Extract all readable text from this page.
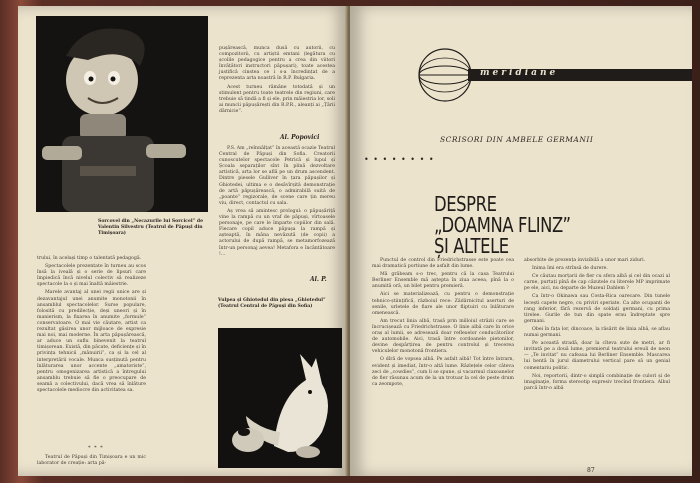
Sorcovel din „Necazurile lui Sorcicel” de Valentin Silvestru (Teatrul de Păpuși din Timișoara)

trului, în același timp o talentată pedagogă.

Spectacolele prezentate în turneu au scos însă la iveală și o serie de lipsuri care împiedică încă nivelul colectiv să realizeze spectacole la o și mai înaltă măiestrie.

Marele avantaj al unei regii unice are și dezavantajul unei anumite monotonii în ansamblul spectacolelor. Surse populare, folosită cu predilecție, deși uneori și în manierism, la fixarea în anumite „formule” conservatoare. O mai vie căutare, artist ca rezultat găsirea unor mijloace de expresie mai noi, mai moderne. În arta păpușărească, ar aduce un suflu binevenit la teatrul timișorean. Există, din păcate, deficiențe și în privința tehnicii „mânuirii”, ca și la cel al interpretării vocale. Munca susținută pentru înlăturarea unor accente „amatoriste”, pentru omogenizarea artistică a întregului ansamblu trebuie să fie o preocupare de seamă a colectivului, dacă vrea să înlăture spectacolele mediocre din activitatea sa.

* * *

Teatrul de Păpuși din Timișoara e un mic laborator de creație: arta pă-

pușărească, munca dusă cu autorii, cu compozitorii, cu artiștii emtani (legătura cu școlile pedagogice pentru a crea din viitori învățători instructori păpușari), toate acestea justifică cinstea ce i s-a încredințat de a reprezenta arta noastră în R.P. Bulgaria.

Acest turneu rămâne totodată și un stimulent pentru toate teatrele din regiuni, care trebuie să tindă a fi și ele, prin măiestria lor, soli ai muncii păpușărești din R.P.R., aleanți ai „Țării dărnicie”.

Al. Popovici

P.S. Am „reînnălțat” în această ocazie Teatrul Central de Păpuși din Sofia. Creatorii cunoscutelor spectacole Petrică și lupul și Școala separaților sînt în plină dezvoltare artistică, arta lor se află pe un drum ascendent. Dintre piesele Gulliver în țara păpușilor și Ghiotedei, ultima e o desăvîrșită demonstrație de artă păpușărească, o admirabilă suită de „poante” regizorale, de scene care țin mereu viu, direct, contactul cu sala.

Aș vrea să amintesc prologul: o păpușăriță vine la rampă cu un vraf de păpuși, vîrtoasele personaje, pe care le împarte copiilor din sală. Fiecare copil aduce păpușa la rampă și așteaptă, în mâna nevăzută (de copii) a actorului de după rampă, se metamorfozează într-un personaj aevea! Metafora e încântătoare !...

Al. P.
Vulpea și Ghiotedul din piesa „Ghiotedul” (Teatrul Central de Păpuși din Sofia)
meridiane
SCRISORI DIN AMBELE GERMANII
• • • • • • • •
DESPRE
„DOAMNA FLINZ”
ȘI ALTELE

Punctul de control din Friedrichstrasse este poate cea mai dramatică portiune de asfalt din lume.

Mă grăbeam s-o trec, pentru că la casa Teatrului Berliner Ensemble mă aștepta în ziua aceea, pînă la o anumită oră, un bilet pentru premieră.

Aici se materializează, cu pentru o demonstrație tehnico-științifică, războiul rece: Zădărnicitul aserturi de senile, urletele de fiare ale unor fliptuiri cu înlăturare omenească.

Am trecut linia albă, trasă prin milloiul străzii care se încrucișează cu Friedrichstrasse. O linie albă care în orice oraș al lumii, se adresează doar reflexelor conducătorilor de automobile. Aici, trasă între cordoanele pietonilor, devine despărțirea de pentru controlul și trecerea vehiculelor monotonă frontiera.

O dîră de vopsea albă. Pe asfalt albă! Tot între întrarn, evident și imediat, într-o altă lume. Răzlețele celor câteva zeci de „cowdies”, cum li se spune, și vacarmul claxoanelor de fier răsunau acum de la un trotuar la cel de peste drum ca zeompote,

absorbite de prezența invizibilă a unor mari ziduri.

Inima îmi era strînsă de durere.

Ce căutau morțarii de fier cu sfera albă și cel din ocazi al carne, purtați pînă de cap căzutele cu literele MP imprimate pe ele, aici, nu departe de Muzeul Dahlem ?

Ca într-o Okinawa sau Costa-Rica oarecare. Din tunele lecești capete negre, cu priviri speriate. Ca alte ocupanți de rang inferior, fără rezervă de soldați germani, cu prima tirelee. Gurile de tun din spate erau îndreptate spre germani.

Obei în fața lor, dincoace, la răsărit de linia albă, se aflau numai germani.

Pe această stradă, doar la cîteva sute de metri, ar fi invitată pe a două lume, premierul teatrului ereuli de neon — „Te invitat” nu cafeaua lui Berliner Ensemble. Mascarea lui bentă în jurul diametrului vertical pare să un genial comentariu politic.

Noi, reportorii, dintr-o simplă combinație de culori și de imaginaţie, forma stereotip expresiv trecînd frontiera. Albul parcă într-o albă

87
